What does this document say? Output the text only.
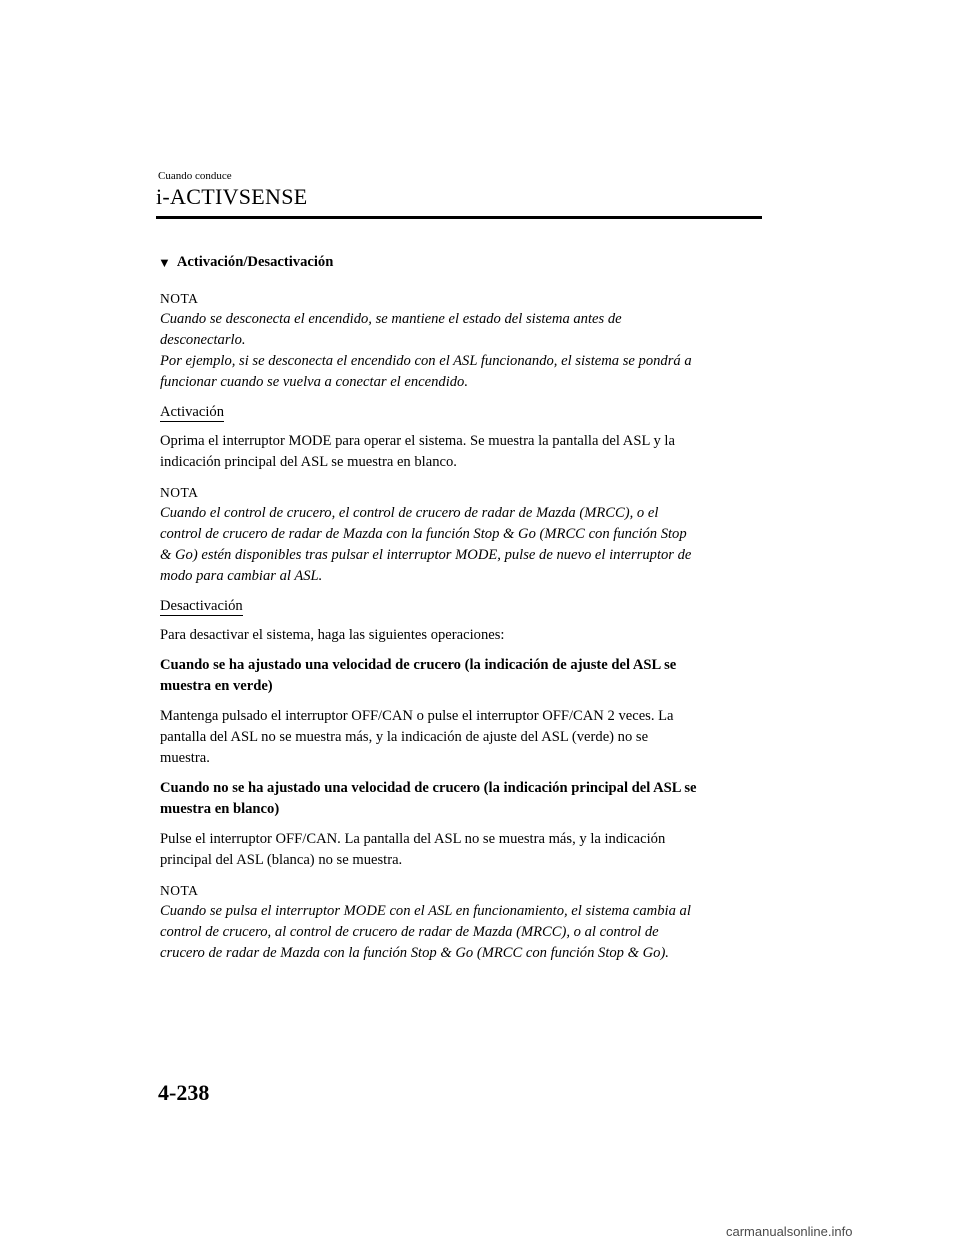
Cuando conduce
i-ACTIVSENSE
▼ Activación/Desactivación
NOTA
Cuando se desconecta el encendido, se mantiene el estado del sistema antes de
desconectarlo.
Por ejemplo, si se desconecta el encendido con el ASL funcionando, el sistema se pondrá a
funcionar cuando se vuelva a conectar el encendido.
Activación
Oprima el interruptor MODE para operar el sistema. Se muestra la pantalla del ASL y la
indicación principal del ASL se muestra en blanco.
NOTA
Cuando el control de crucero, el control de crucero de radar de Mazda (MRCC), o el
control de crucero de radar de Mazda con la función Stop & Go (MRCC con función Stop
& Go) estén disponibles tras pulsar el interruptor MODE, pulse de nuevo el interruptor de
modo para cambiar al ASL.
Desactivación
Para desactivar el sistema, haga las siguientes operaciones:
Cuando se ha ajustado una velocidad de crucero (la indicación de ajuste del ASL se
muestra en verde)
Mantenga pulsado el interruptor OFF/CAN o pulse el interruptor OFF/CAN 2 veces. La
pantalla del ASL no se muestra más, y la indicación de ajuste del ASL (verde) no se
muestra.
Cuando no se ha ajustado una velocidad de crucero (la indicación principal del ASL se
muestra en blanco)
Pulse el interruptor OFF/CAN. La pantalla del ASL no se muestra más, y la indicación
principal del ASL (blanca) no se muestra.
NOTA
Cuando se pulsa el interruptor MODE con el ASL en funcionamiento, el sistema cambia al
control de crucero, al control de crucero de radar de Mazda (MRCC), o al control de
crucero de radar de Mazda con la función Stop & Go (MRCC con función Stop & Go).
4-238
carmanualsonline.info
